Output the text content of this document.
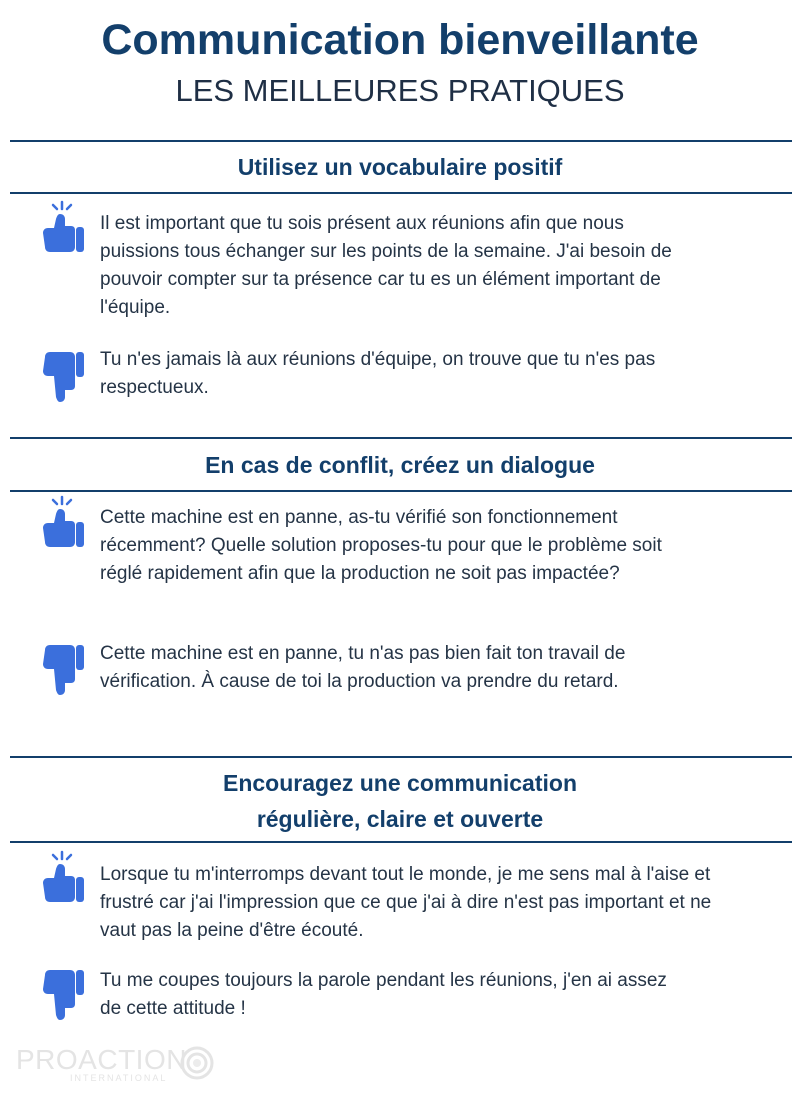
Communication bienveillante
LES MEILLEURES PRATIQUES
Utilisez un vocabulaire positif
Il est important que tu sois présent aux réunions afin que nous puissions tous échanger sur les points de la semaine. J'ai besoin de pouvoir compter sur ta présence car tu es un élément important de l'équipe.
Tu n'es jamais là aux réunions d'équipe, on trouve que tu n'es pas respectueux.
En cas de conflit, créez un dialogue
Cette machine est en panne, as-tu vérifié son fonctionnement récemment? Quelle solution proposes-tu pour que le problème soit réglé rapidement afin que la production ne soit pas impactée?
Cette machine est en panne, tu n'as pas bien fait ton travail de vérification. À cause de toi la production va prendre du retard.
Encouragez une communication
régulière, claire et ouverte
Lorsque tu m'interromps devant tout le monde, je me sens mal à l'aise et frustré car j'ai l'impression que ce que j'ai à dire n'est pas important et ne vaut pas la peine d'être écouté.
Tu me coupes toujours la parole pendant les réunions, j'en ai assez de cette attitude !
PROACTION
INTERNATIONAL
